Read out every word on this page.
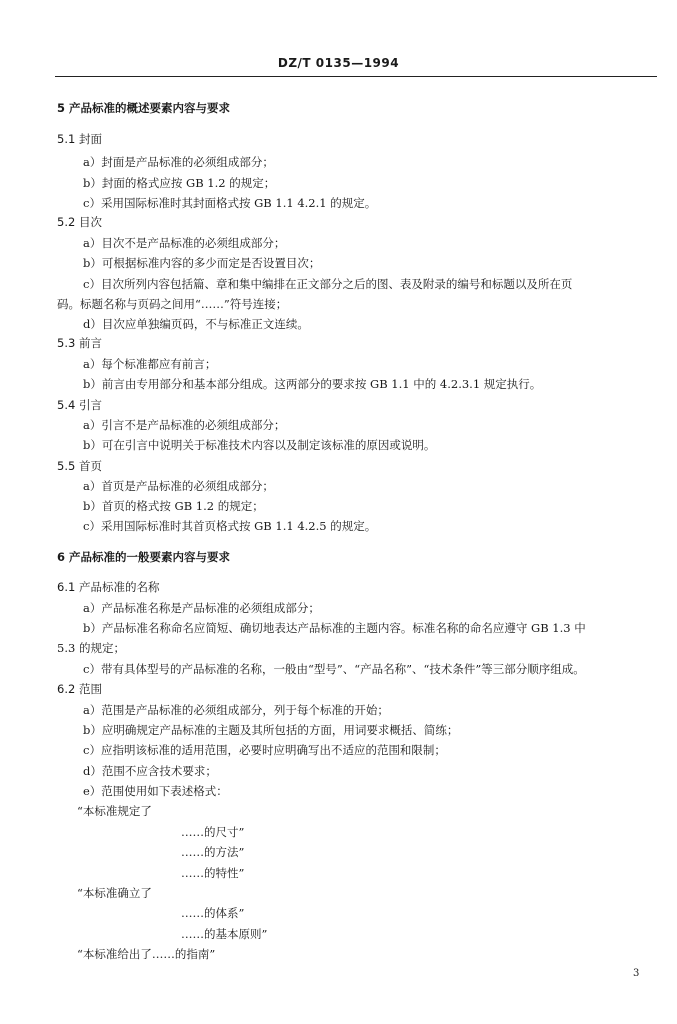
DZ/T 0135—1994
5 产品标准的概述要素内容与要求
5.1 封面
a）封面是产品标准的必须组成部分；
b）封面的格式应按 GB 1.2 的规定；
c）采用国际标准时其封面格式按 GB 1.1 4.2.1 的规定。
5.2 目次
a）目次不是产品标准的必须组成部分；
b）可根据标准内容的多少而定是否设置目次；
c）目次所列内容包括篇、章和集中编排在正文部分之后的图、表及附录的编号和标题以及所在页
码。标题名称与页码之间用“……”符号连接；
d）目次应单独编页码，不与标准正文连续。
5.3 前言
a）每个标准都应有前言；
b）前言由专用部分和基本部分组成。这两部分的要求按 GB 1.1 中的 4.2.3.1 规定执行。
5.4 引言
a）引言不是产品标准的必须组成部分；
b）可在引言中说明关于标准技术内容以及制定该标准的原因或说明。
5.5 首页
a）首页是产品标准的必须组成部分；
b）首页的格式按 GB 1.2 的规定；
c）采用国际标准时其首页格式按 GB 1.1 4.2.5 的规定。
6 产品标准的一般要素内容与要求
6.1 产品标准的名称
a）产品标准名称是产品标准的必须组成部分；
b）产品标准名称命名应简短、确切地表达产品标准的主题内容。标准名称的命名应遵守 GB 1.3 中
5.3 的规定；
c）带有具体型号的产品标准的名称，一般由“型号”、“产品名称”、“技术条件”等三部分顺序组成。
6.2 范围
a）范围是产品标准的必须组成部分，列于每个标准的开始；
b）应明确规定产品标准的主题及其所包括的方面，用词要求概括、简练；
c）应指明该标准的适用范围，必要时应明确写出不适应的范围和限制；
d）范围不应含技术要求；
e）范围使用如下表述格式：
“本标准规定了
……的尺寸”
……的方法”
……的特性”
“本标准确立了
……的体系”
……的基本原则”
“本标准给出了……的指南”
3
